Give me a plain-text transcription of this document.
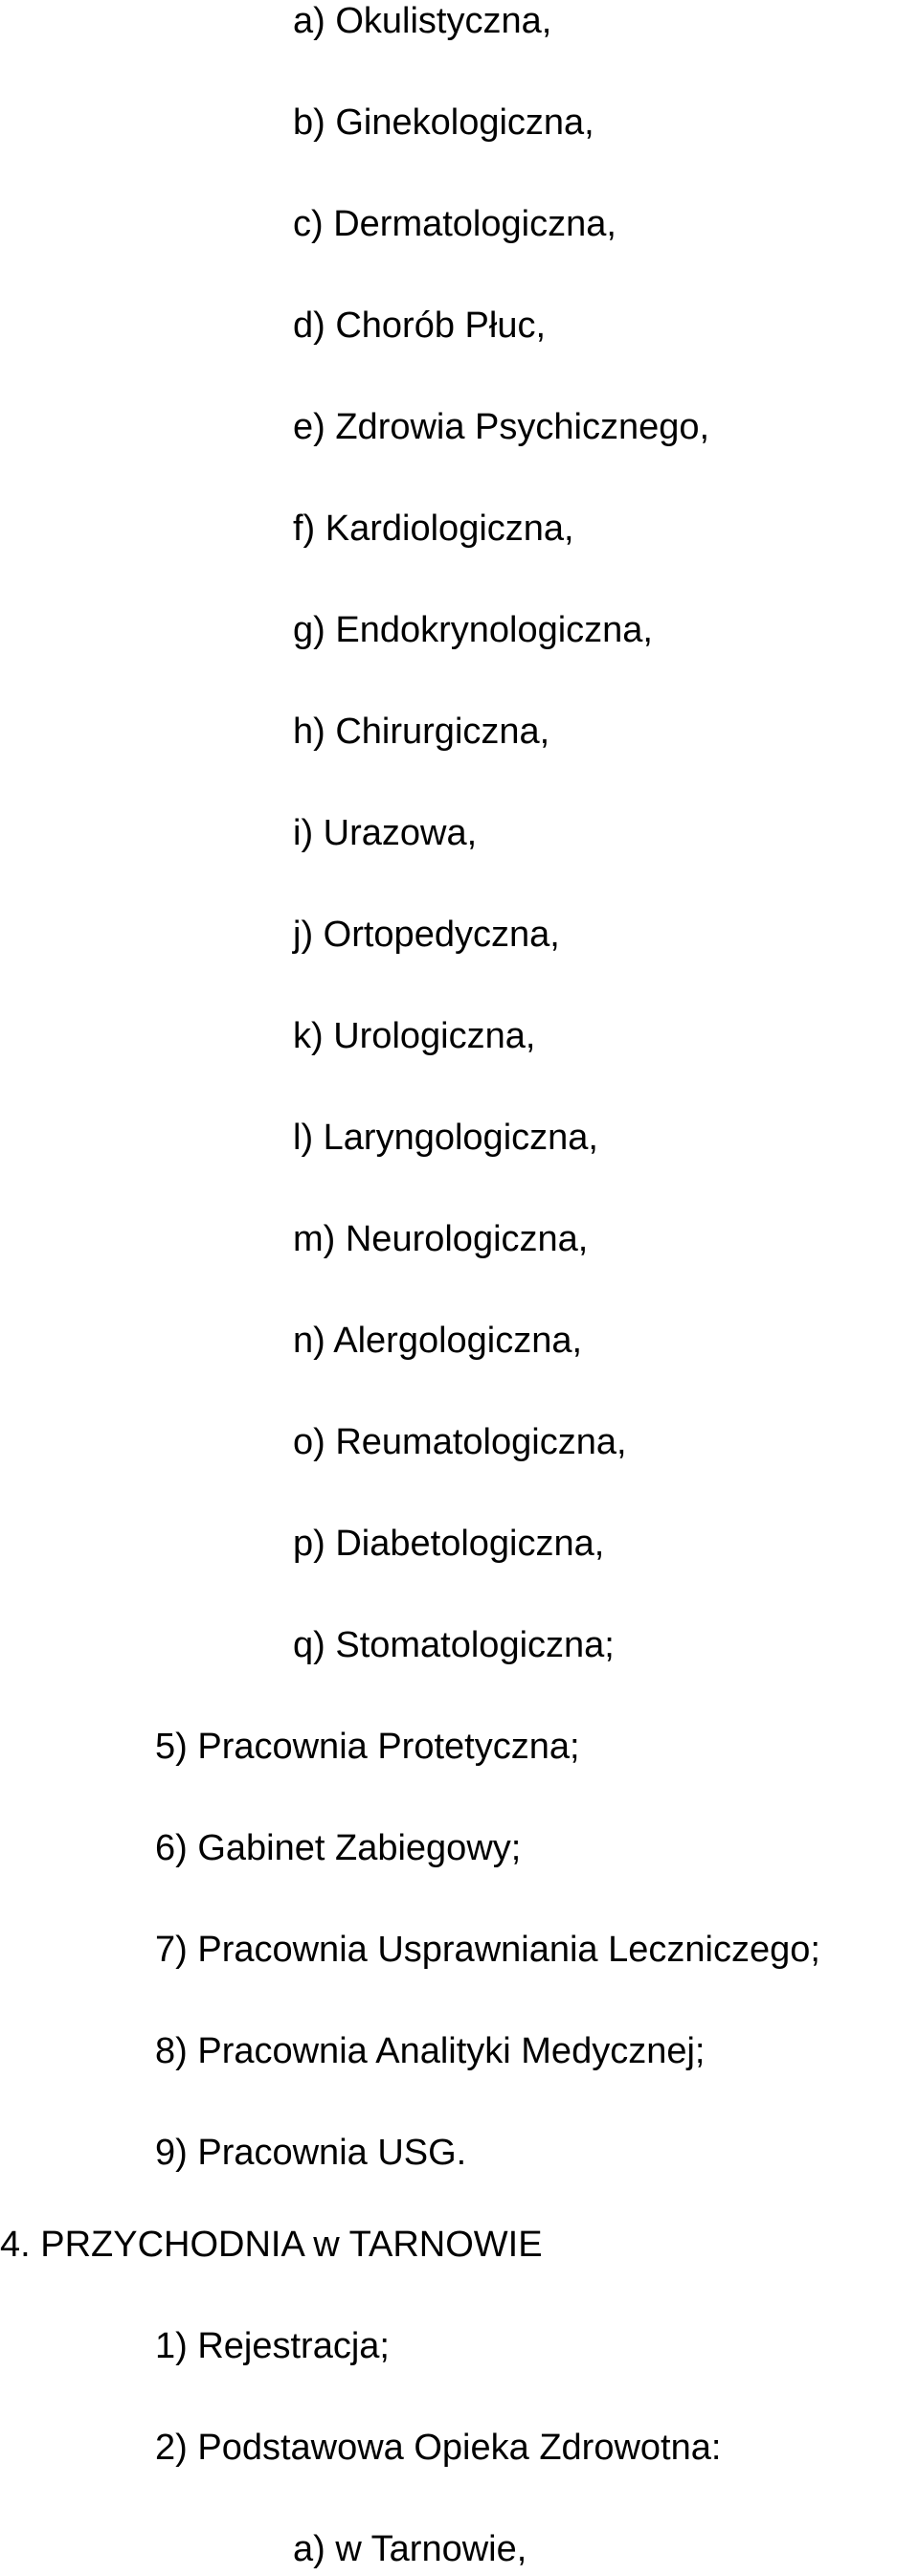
a) Okulistyczna,

b) Ginekologiczna,

c) Dermatologiczna,

d) Chorób Płuc,

e) Zdrowia Psychicznego,

f) Kardiologiczna,

g) Endokrynologiczna,

h) Chirurgiczna,

i) Urazowa,

j) Ortopedyczna,

k) Urologiczna,

l) Laryngologiczna,

m) Neurologiczna,

n) Alergologiczna,

o) Reumatologiczna,

p) Diabetologiczna,

q) Stomatologiczna;

5) Pracownia Protetyczna;

6) Gabinet Zabiegowy;

7) Pracownia Usprawniania Leczniczego;

8) Pracownia Analityki Medycznej;

9) Pracownia USG.

4. PRZYCHODNIA w TARNOWIE

1) Rejestracja;

2) Podstawowa Opieka Zdrowotna:

a) w Tarnowie,
